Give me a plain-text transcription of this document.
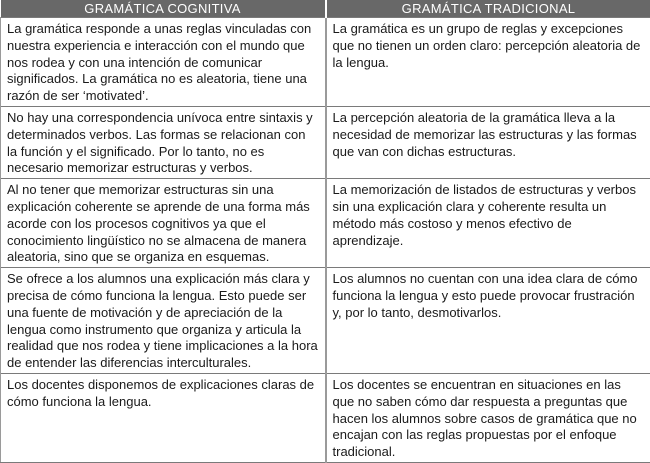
GRAMÁTICA COGNITIVA	GRAMÁTICA TRADICIONAL
La gramática responde a unas reglas vinculadas con nuestra experiencia e interacción con el mundo que nos rodea y con una intención de comunicar significados. La gramática no es aleatoria, tiene una razón de ser ‘motivated’.	La gramática es un grupo de reglas y excepciones que no tienen un orden claro: percepción aleatoria de la lengua.
No hay una correspondencia unívoca entre sintaxis y determinados verbos. Las formas se relacionan con la función y el significado. Por lo tanto, no es necesario memorizar estructuras y verbos.	La percepción aleatoria de la gramática lleva a la necesidad de memorizar las estructuras y las formas que van con dichas estructuras.
Al no tener que memorizar estructuras sin una explicación coherente se aprende de una forma más acorde con los procesos cognitivos ya que el conocimiento lingüístico no se almacena de manera aleatoria, sino que se organiza en esquemas.	La memorización de listados de estructuras y verbos sin una explicación clara y coherente resulta un método más costoso y menos efectivo de aprendizaje.
Se ofrece a los alumnos una explicación más clara y precisa de cómo funciona la lengua. Esto puede ser una fuente de motivación y de apreciación de la lengua como instrumento que organiza y articula la realidad que nos rodea y tiene implicaciones a la hora de entender las diferencias interculturales.	Los alumnos no cuentan con una idea clara de cómo funciona la lengua y esto puede provocar frustración y, por lo tanto, desmotivarlos.
Los docentes disponemos de explicaciones claras de cómo funciona la lengua.	Los docentes se encuentran en situaciones en las que no saben cómo dar respuesta a preguntas que hacen los alumnos sobre casos de gramática que no encajan con las reglas propuestas por el enfoque tradicional.
